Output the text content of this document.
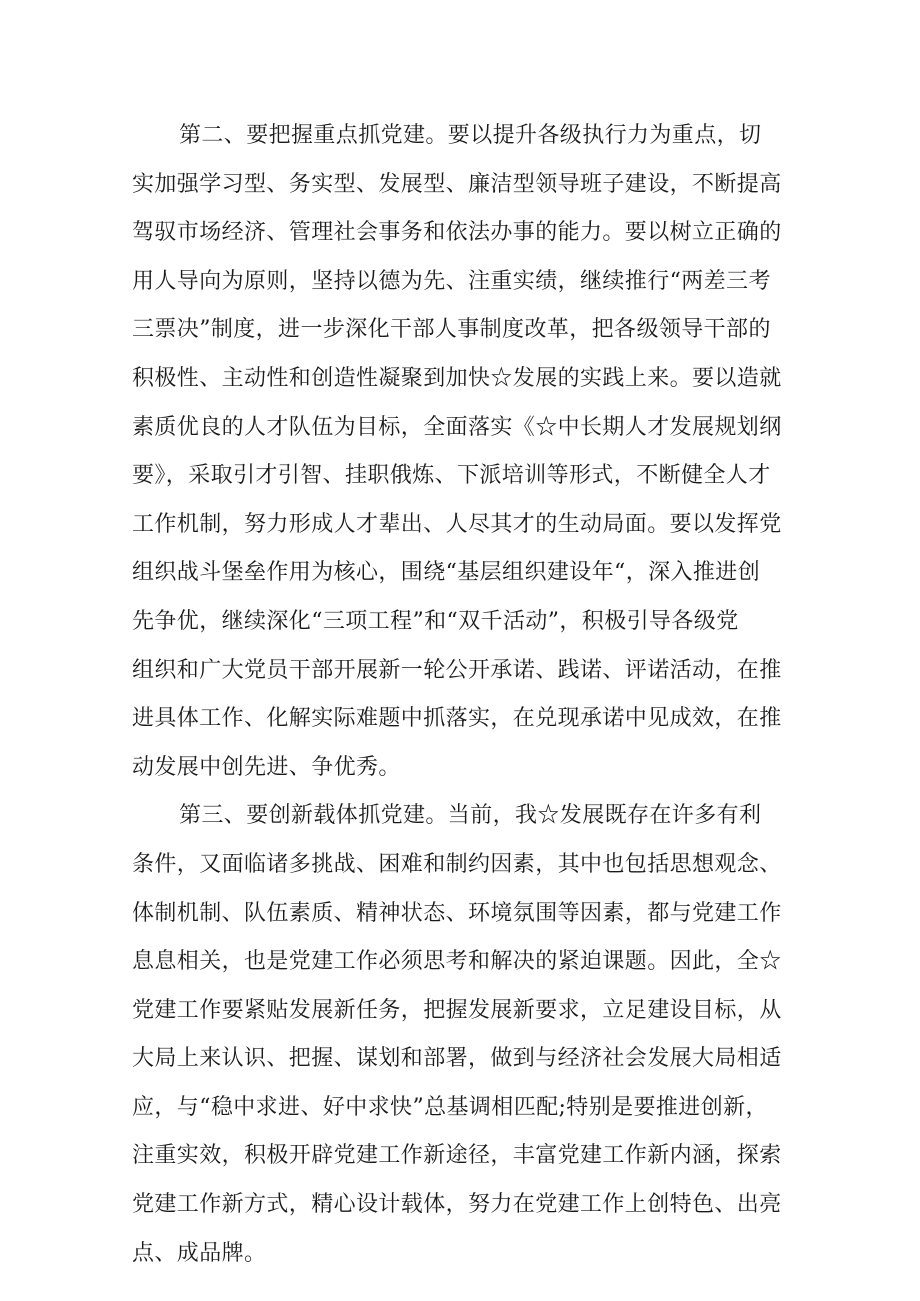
第二、要把握重点抓党建。要以提升各级执行力为重点，切
实加强学习型、务实型、发展型、廉洁型领导班子建设，不断提高
驾驭市场经济、管理社会事务和依法办事的能力。要以树立正确的
用人导向为原则，坚持以德为先、注重实绩，继续推行“两差三考
三票决”制度，进一步深化干部人事制度改革，把各级领导干部的
积极性、主动性和创造性凝聚到加快☆发展的实践上来。要以造就
素质优良的人才队伍为目标，全面落实《☆中长期人才发展规划纲
要》，采取引才引智、挂职俄炼、下派培训等形式，不断健全人才
工作机制，努力形成人才辈出、人尽其才的生动局面。要以发挥党
组织战斗堡垒作用为核心，围绕“基层组织建设年“，深入推进创
先争优，继续深化“三项工程”和“双千活动”，积极引导各级党
组织和广大党员干部开展新一轮公开承诺、践诺、评诺活动，在推
进具体工作、化解实际难题中抓落实，在兑现承诺中见成效，在推
动发展中创先进、争优秀。
第三、要创新载体抓党建。当前，我☆发展既存在许多有利
条件，又面临诸多挑战、困难和制约因素，其中也包括思想观念、
体制机制、队伍素质、精神状态、环境氛围等因素，都与党建工作
息息相关，也是党建工作必须思考和解决的紧迫课题。因此，全☆
党建工作要紧贴发展新任务，把握发展新要求，立足建设目标，从
大局上来认识、把握、谋划和部署，做到与经济社会发展大局相适
应，与“稳中求进、好中求快”总基调相匹配;特别是要推进创新，
注重实效，积极开辟党建工作新途径，丰富党建工作新内涵，探索
党建工作新方式，精心设计载体，努力在党建工作上创特色、出亮
点、成品牌。
